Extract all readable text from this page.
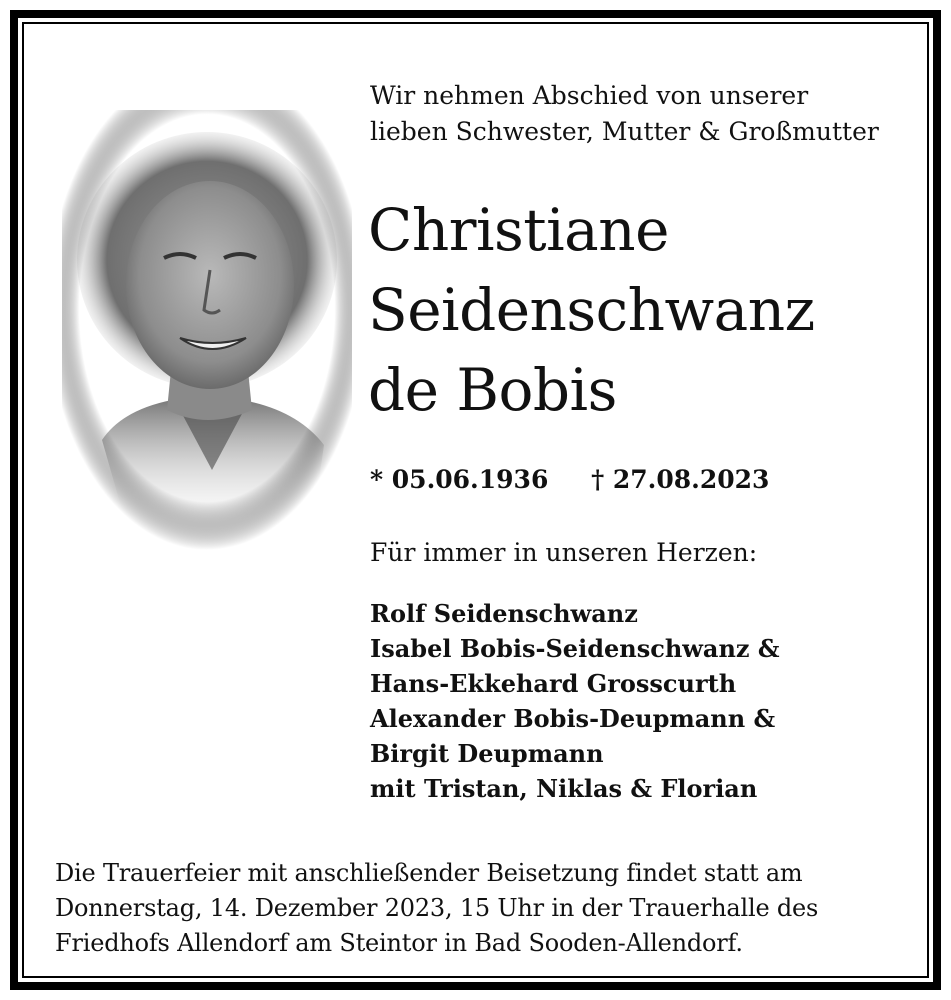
Wir nehmen Abschied von unserer
lieben Schwester, Mutter & Großmutter
Christiane
Seidenschwanz
de Bobis
* 05.06.1936 † 27.08.2023
Für immer in unseren Herzen:
Rolf Seidenschwanz
Isabel Bobis-Seidenschwanz &
Hans-Ekkehard Grosscurth
Alexander Bobis-Deupmann &
Birgit Deupmann
mit Tristan, Niklas & Florian
Die Trauerfeier mit anschließender Beisetzung findet statt am
Donnerstag, 14. Dezember 2023, 15 Uhr in der Trauerhalle des
Friedhofs Allendorf am Steintor in Bad Sooden-Allendorf.
